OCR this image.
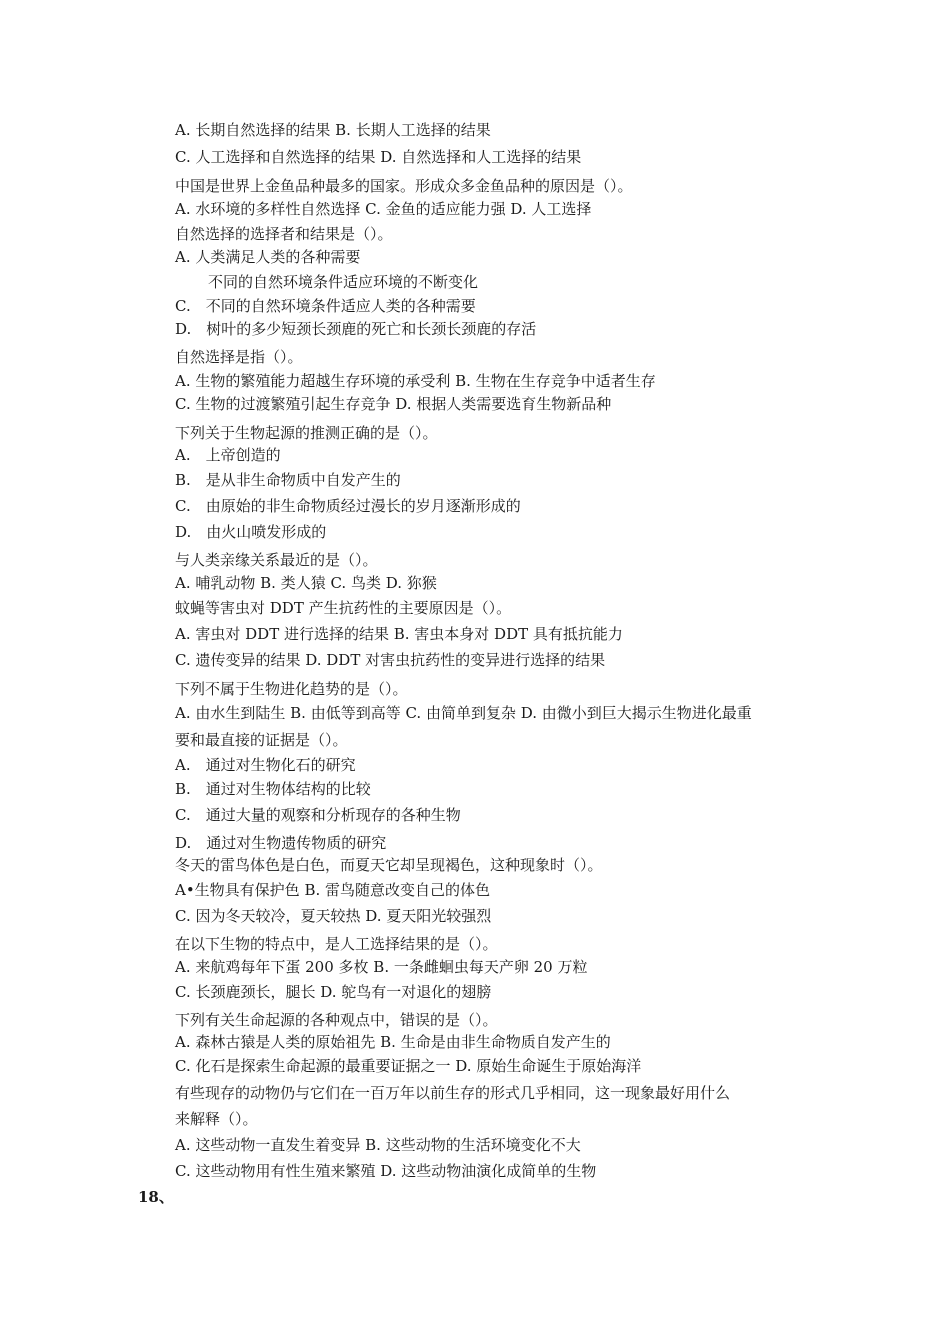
A. 长期自然选择的结果 B. 长期人工选择的结果
C. 人工选择和自然选择的结果 D. 自然选择和人工选择的结果
中国是世界上金鱼品种最多的国家。形成众多金鱼品种的原因是（）。
A. 水环境的多样性自然选择 C. 金鱼的适应能力强 D. 人工选择
自然选择的选择者和结果是（）。
A. 人类满足人类的各种需要
不同的自然环境条件适应环境的不断变化
C.　不同的自然环境条件适应人类的各种需要
D.　树叶的多少短颈长颈鹿的死亡和长颈长颈鹿的存活
自然选择是指（）。
A. 生物的繁殖能力超越生存环境的承受利 B. 生物在生存竞争中适者生存
C. 生物的过渡繁殖引起生存竞争 D. 根据人类需要选育生物新品种
下列关于生物起源的推测正确的是（）。
A.　上帝创造的
B.　是从非生命物质中自发产生的
C.　由原始的非生命物质经过漫长的岁月逐渐形成的
D.　由火山喷发形成的
与人类亲缘关系最近的是（）。
A. 哺乳动物 B. 类人猿 C. 鸟类 D. 狝猴
蚊蝇等害虫对 DDT 产生抗药性的主要原因是（）。
A. 害虫对 DDT 进行选择的结果 B. 害虫本身对 DDT 具有抵抗能力
C. 遗传变异的结果 D. DDT 对害虫抗药性的变异进行选择的结果
下列不属于生物进化趋势的是（）。
A. 由水生到陆生 B. 由低等到高等 C. 由简单到复杂 D. 由微小到巨大揭示生物进化最重
要和最直接的证据是（）。
A.　通过对生物化石的研究
B.　通过对生物体结构的比较
C.　通过大量的观察和分析现存的各种生物
D.　通过对生物遗传物质的研究
冬天的雷鸟体色是白色，而夏天它却呈现褐色，这种现象时（）。
A•生物具有保护色 B. 雷鸟随意改变自己的体色
C. 因为冬天较冷，夏天较热 D. 夏天阳光较强烈
在以下生物的特点中，是人工选择结果的是（）。
A. 来航鸡每年下蛋 200 多枚 B. 一条雌蛔虫每天产卵 20 万粒
C. 长颈鹿颈长，腿长 D. 鸵鸟有一对退化的翅膀
下列有关生命起源的各种观点中，错误的是（）。
A. 森林古猿是人类的原始祖先 B. 生命是由非生命物质自发产生的
C. 化石是探索生命起源的最重要证据之一 D. 原始生命诞生于原始海洋
有些现存的动物仍与它们在一百万年以前生存的形式几乎相同，这一现象最好用什么
来解释（）。
A. 这些动物一直发生着变异 B. 这些动物的生活环境变化不大
C. 这些动物用有性生殖来繁殖 D. 这些动物油演化成简单的生物
18、
